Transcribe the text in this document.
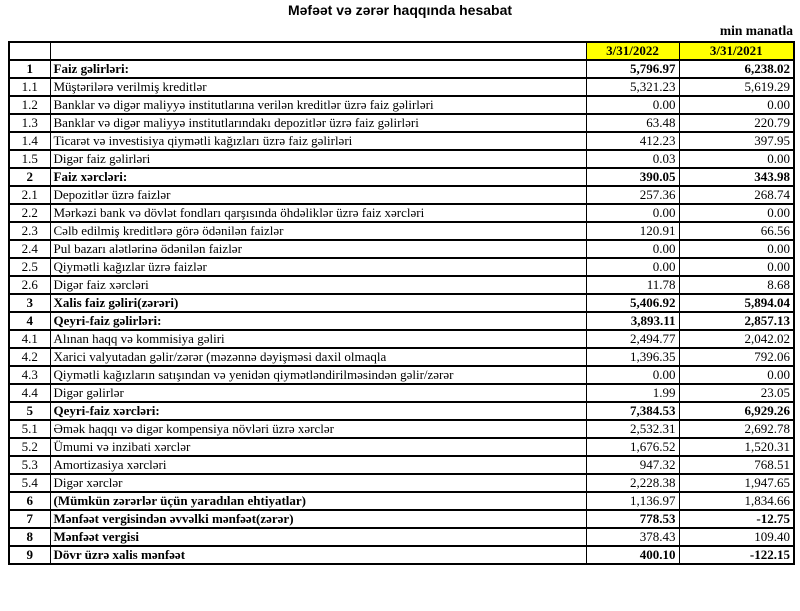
Məfəət və zərər haqqında hesabat
min manatla
		3/31/2022	3/31/2021
1	Faiz gəlirləri:	5,796.97	6,238.02
1.1	Müştərilərə verilmiş kreditlər	5,321.23	5,619.29
1.2	Banklar və digər maliyyə institutlarına verilən kreditlər üzrə faiz gəlirləri	0.00	0.00
1.3	Banklar və digər maliyyə institutlarındakı depozitlər üzrə faiz gəlirləri	63.48	220.79
1.4	Ticarət və investisiya qiymətli kağızları üzrə faiz gəlirləri	412.23	397.95
1.5	Digər faiz gəlirləri	0.03	0.00
2	Faiz xərcləri:	390.05	343.98
2.1	Depozitlər üzrə faizlər	257.36	268.74
2.2	Mərkəzi bank və dövlət fondları qarşısında öhdəliklər üzrə faiz xərcləri	0.00	0.00
2.3	Cəlb edilmiş kreditlərə görə ödənilən faizlər	120.91	66.56
2.4	Pul bazarı alətlərinə ödənilən faizlər	0.00	0.00
2.5	Qiymətli kağızlar üzrə faizlər	0.00	0.00
2.6	Digər faiz xərcləri	11.78	8.68
3	Xalis faiz gəliri(zərəri)	5,406.92	5,894.04
4	Qeyri-faiz gəlirləri:	3,893.11	2,857.13
4.1	Alınan haqq və kommisiya gəliri	2,494.77	2,042.02
4.2	Xarici valyutadan gəlir/zərər (məzənnə dəyişməsi daxil olmaqla	1,396.35	792.06
4.3	Qiymətli kağızların satışından və yenidən qiymətləndirilməsindən gəlir/zərər	0.00	0.00
4.4	Digər gəlirlər	1.99	23.05
5	Qeyri-faiz xərcləri:	7,384.53	6,929.26
5.1	Əmək haqqı və digər kompensiya növləri üzrə xərclər	2,532.31	2,692.78
5.2	Ümumi və inzibati xərclər	1,676.52	1,520.31
5.3	Amortizasiya xərcləri	947.32	768.51
5.4	Digər xərclər	2,228.38	1,947.65
6	(Mümkün zərərlər üçün yaradılan ehtiyatlar)	1,136.97	1,834.66
7	Mənfəət vergisindən əvvəlki mənfəət(zərər)	778.53	-12.75
8	Mənfəət vergisi	378.43	109.40
9	Dövr üzrə xalis mənfəət	400.10	-122.15
